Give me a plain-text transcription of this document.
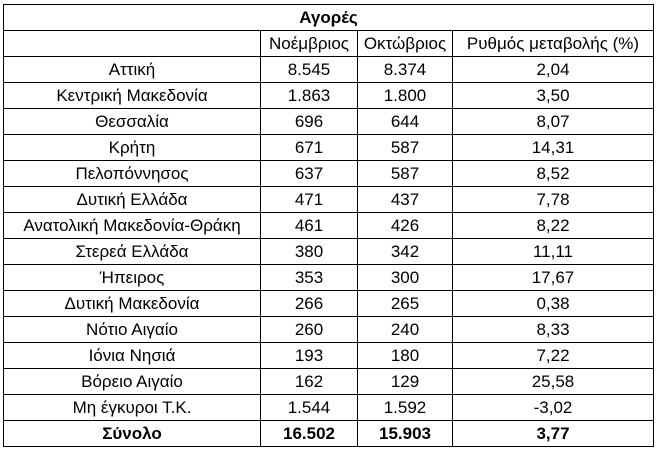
Αγορές			
	Νοέμβριος	Οκτώβριος	Ρυθμός μεταβολής (%)
Αττική	8.545	8.374	2,04
Κεντρική Μακεδονία	1.863	1.800	3,50
Θεσσαλία	696	644	8,07
Κρήτη	671	587	14,31
Πελοπόννησος	637	587	8,52
Δυτική Ελλάδα	471	437	7,78
Ανατολική Μακεδονία-Θράκη	461	426	8,22
Στερεά Ελλάδα	380	342	11,11
Ήπειρος	353	300	17,67
Δυτική Μακεδονία	266	265	0,38
Νότιο Αιγαίο	260	240	8,33
Ιόνια Νησιά	193	180	7,22
Βόρειο Αιγαίο	162	129	25,58
Μη έγκυροι Τ.Κ.	1.544	1.592	-3,02
Σύνολο	16.502	15.903	3,77
